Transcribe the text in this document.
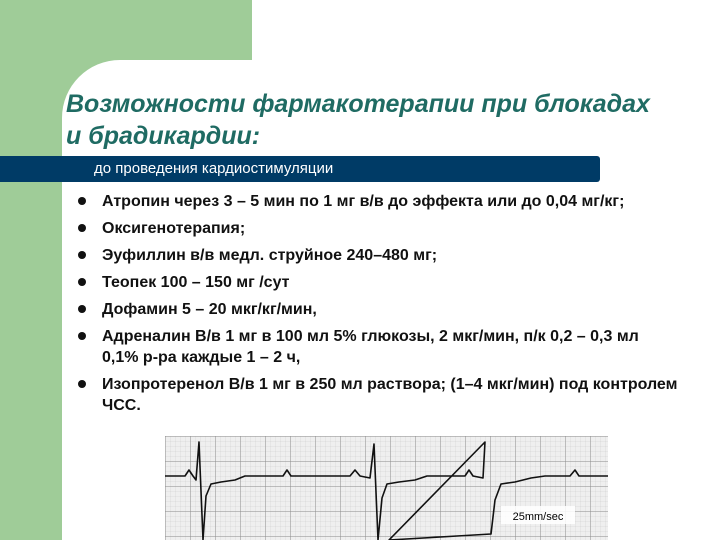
Возможности фармакотерапии при блокадах и брадикардии:
до проведения кардиостимуляции
Атропин через 3 – 5 мин по 1 мг в/в до эффекта или до 0,04 мг/кг;
Оксигенотерапия;
Эуфиллин в/в медл. струйное 240–480 мг;
Теопек 100 – 150 мг /сут
Дофамин 5 – 20 мкг/кг/мин,
Адреналин В/в 1 мг в 100 мл 5% глюкозы, 2 мкг/мин, п/к 0,2 – 0,3 мл 0,1% р-ра каждые 1 – 2 ч,
Изопротеренол В/в 1 мг в 250 мл раствора; (1–4 мкг/мин) под контролем ЧСС.
25mm/sec
